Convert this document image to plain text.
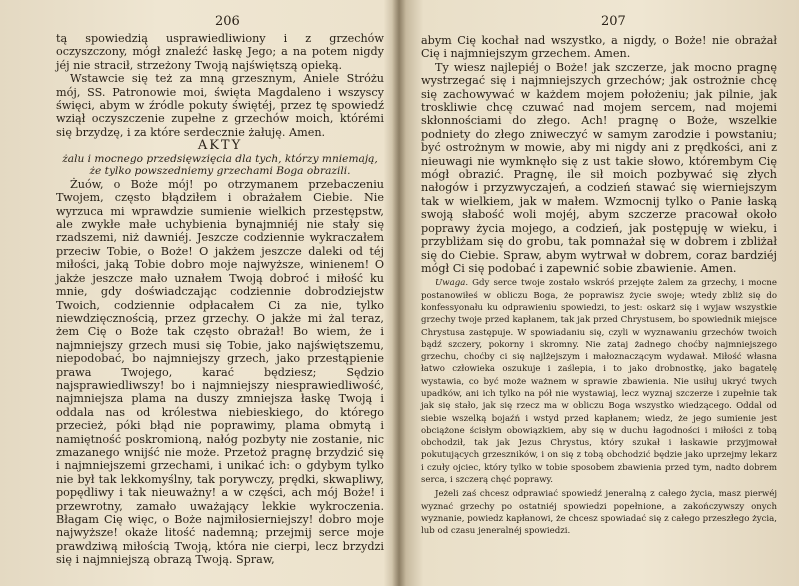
206

tą spowiedzią usprawiedliwiony i z grzechów oczyszczony, mógł znaleźć łaskę Jego; a na potem nigdy jéj nie stracił, strzeżony Twoją najświętszą opieką.

Wstawcie się też za mną grzesznym, Aniele Stróżu mój, SS. Patronowie moi, święta Magdaleno i wszyscy święci, abym w źródle pokuty świętéj, przez tę spowiedź wziął oczyszczenie zupełne z grzechów moich, którémi się brzydzę, i za które serdecznie żałuję. Amen.

AKTY

żalu i mocnego przedsięwzięcia dla tych, którzy mniemają, że tylko powszedniemy grzechami Boga obrazili.

Żuów, o Boże mój! po otrzymanem przebaczeniu Twojem, często błądziłem i obrażałem Ciebie. Nie wyrzuca mi wprawdzie sumienie wielkich przestępstw, ale zwykłe małe uchybienia bynajmniéj nie stały się rzadszemi, niż dawniéj. Jeszcze codziennie wykraczałem przeciw Tobie, o Boże! O jakżem jeszcze daleki od téj miłości, jaką Tobie dobro moje najwyższe, winienem! O jakże jeszcze mało uznałem Twoją dobroć i miłość ku mnie, gdy doświadczając codziennie dobrodziejstw Twoich, codziennie odpłacałem Ci za nie, tylko niewdzięcznością, przez grzechy. O jakże mi żal teraz, żem Cię o Boże tak często obrażał! Bo wiem, że i najmniejszy grzech musi się Tobie, jako najświętszemu, niepodobać, bo najmniejszy grzech, jako przestąpienie prawa Twojego, karać będziesz; Sędzio najsprawiedliwszy! bo i najmniejszy niesprawiedliwość, najmniejsza plama na duszy zmniejsza łaskę Twoją i oddala nas od królestwa niebieskiego, do którego przecież, póki błąd nie poprawimy, plama obmytą i namiętność poskromioną, nałóg pozbyty nie zostanie, nic zmazanego wnijść nie może. Przetoż pragnę brzydzić się i najmniejszemi grzechami, i unikać ich: o gdybym tylko nie był tak lekkomyślny, tak porywczy, prędki, skwapliwy, popędliwy i tak nieuważny! a w części, ach mój Boże! i przewrotny, zamało uważający lekkie wykroczenia. Błagam Cię więc, o Boże najmiłosierniejszy! dobro moje najwyższe! okaże litość nademną; przejmij serce moje prawdziwą miłością Twoją, która nie cierpi, lecz brzydzi się i najmniejszą obrazą Twoją. Spraw,

207

abym Cię kochał nad wszystko, a nigdy, o Boże! nie obrażał Cię i najmniejszym grzechem. Amen.

Ty wiesz najlepiéj o Boże! jak szczerze, jak mocno pragnę wystrzegać się i najmniejszych grzechów; jak ostrożnie chcę się zachowywać w każdem mojem położeniu; jak pilnie, jak troskliwie chcę czuwać nad mojem sercem, nad mojemi skłonnościami do złego. Ach! pragnę o Boże, wszelkie podniety do złego zniweczyć w samym zarodzie i powstaniu; być ostrożnym w mowie, aby mi nigdy ani z prędkości, ani z nieuwagi nie wymknęło się z ust takie słowo, którembym Cię mógł obrazić. Pragnę, ile sił moich pozbywać się złych nałogów i przyzwyczajeń, a codzień stawać się wierniejszym tak w wielkiem, jak w małem. Wzmocnij tylko o Panie łaską swoją słabość woli mojéj, abym szczerze pracował około poprawy życia mojego, a codzień, jak postępuję w wieku, i przybliżam się do grobu, tak pomnażał się w dobrem i zbliżał się do Ciebie. Spraw, abym wytrwał w dobrem, coraz bardziéj mógł Ci się podobać i zapewnić sobie zbawienie. Amen.

Uwaga. Gdy serce twoje zostało wskróś przejęte żalem za grzechy, i mocne postanowiłeś w obliczu Boga, że poprawisz życie swoje; wtedy zbliż się do konfessyonału ku odprawieniu spowiedzi, to jest: oskarż się i wyjaw wszystkie grzechy twoje przed kapłanem, tak jak przed Chrystusem, bo spowiednik miejsce Chrystusa zastępuje. W spowiadaniu się, czyli w wyznawaniu grzechów twoich bądź szczery, pokorny i skromny. Nie zataj żadnego choćby najmniejszego grzechu, choćby ci się najlżejszym i małoznaczącym wydawał. Miłość własna łatwo człowieka oszukuje i zaślepia, i to jako drobnostkę, jako bagatelę wystawia, co być może ważnem w sprawie zbawienia. Nie usiłuj ukryć twych upadków, ani ich tylko na pół nie wystawiaj, lecz wyznaj szczerze i zupełnie tak jak się stało, jak się rzecz ma w obliczu Boga wszystko wiedzącego. Oddal od siebie wszelką bojaźń i wstyd przed kapłanem; wiedz, że jego sumienie jest obciążone ścisłym obowiązkiem, aby się w duchu łagodności i miłości z tobą obchodził, tak jak Jezus Chrystus, który szukał i łaskawie przyjmował pokutujących grzeszników, i on się z tobą obchodzić będzie jako uprzejmy lekarz i czuły ojciec, który tylko w tobie sposobem zbawienia przed tym, nadto dobrem serca, i szczerą chęć poprawy.

Jeżeli zaś chcesz odprawiać spowiedź jeneralną z całego życia, masz pierwéj wyznać grzechy po ostatniéj spowiedzi popełnione, a zakończywszy onych wyznanie, powiedz kapłanowi, że chcesz spowiadać się z całego przeszłego życia, lub od czasu jeneralnéj spowiedzi.
